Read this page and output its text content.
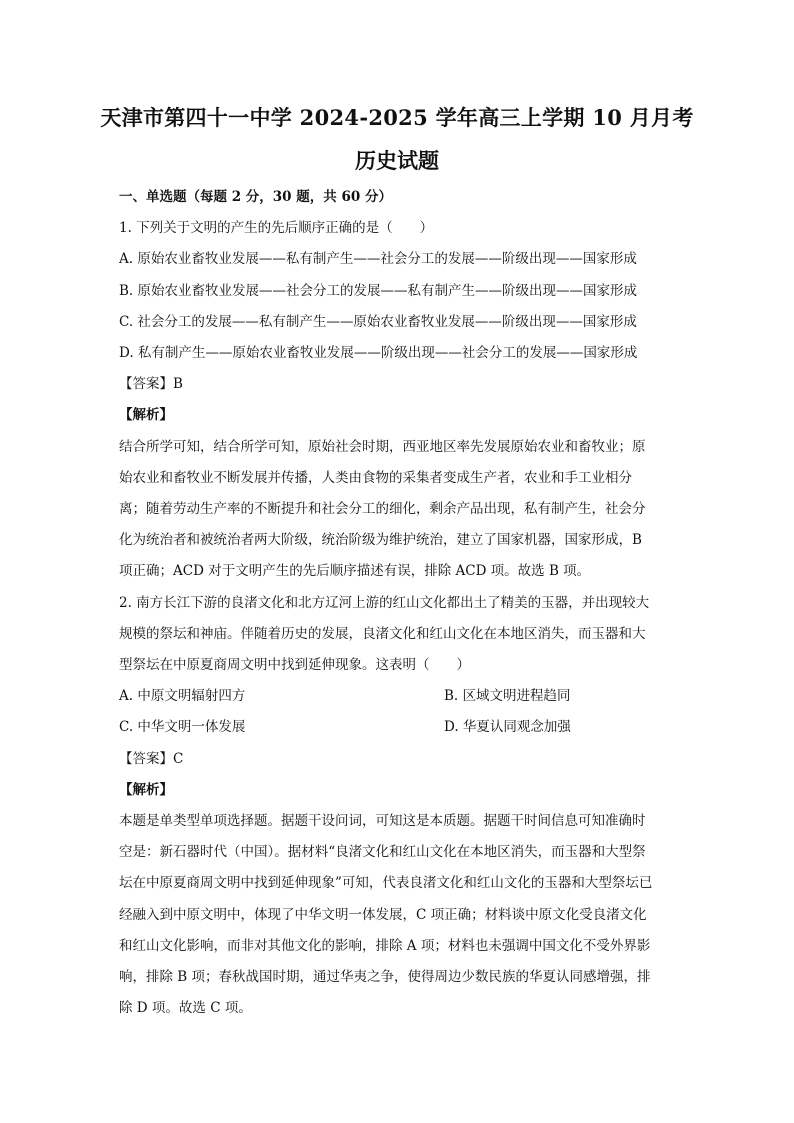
天津市第四十一中学 2024-2025 学年高三上学期 10 月月考
历史试题
一、单选题（每题 2 分，30 题，共 60 分）
1. 下列关于文明的产生的先后顺序正确的是（　　）
A. 原始农业畜牧业发展——私有制产生——社会分工的发展——阶级出现——国家形成
B. 原始农业畜牧业发展——社会分工的发展——私有制产生——阶级出现——国家形成
C. 社会分工的发展——私有制产生——原始农业畜牧业发展——阶级出现——国家形成
D. 私有制产生——原始农业畜牧业发展——阶级出现——社会分工的发展——国家形成
【答案】B
【解析】
结合所学可知，结合所学可知，原始社会时期，西亚地区率先发展原始农业和畜牧业；原
始农业和畜牧业不断发展并传播，人类由食物的采集者变成生产者，农业和手工业相分
离；随着劳动生产率的不断提升和社会分工的细化，剩余产品出现，私有制产生，社会分
化为统治者和被统治者两大阶级，统治阶级为维护统治，建立了国家机器，国家形成，B
项正确；ACD 对于文明产生的先后顺序描述有误，排除 ACD 项。故选 B 项。
2. 南方长江下游的良渚文化和北方辽河上游的红山文化都出土了精美的玉器，并出现较大
规模的祭坛和神庙。伴随着历史的发展，良渚文化和红山文化在本地区消失，而玉器和大
型祭坛在中原夏商周文明中找到延伸现象。这表明（　　）
A. 中原文明辐射四方	B. 区域文明进程趋同
C. 中华文明一体发展	D. 华夏认同观念加强
【答案】C
【解析】
本题是单类型单项选择题。据题干设问词，可知这是本质题。据题干时间信息可知准确时
空是：新石器时代（中国）。据材料“良渚文化和红山文化在本地区消失，而玉器和大型祭
坛在中原夏商周文明中找到延伸现象”可知，代表良渚文化和红山文化的玉器和大型祭坛已
经融入到中原文明中，体现了中华文明一体发展，C 项正确；材料谈中原文化受良渚文化
和红山文化影响，而非对其他文化的影响，排除 A 项；材料也未强调中国文化不受外界影
响，排除 B 项；春秋战国时期，通过华夷之争，使得周边少数民族的华夏认同感增强，排
除 D 项。故选 C 项。
